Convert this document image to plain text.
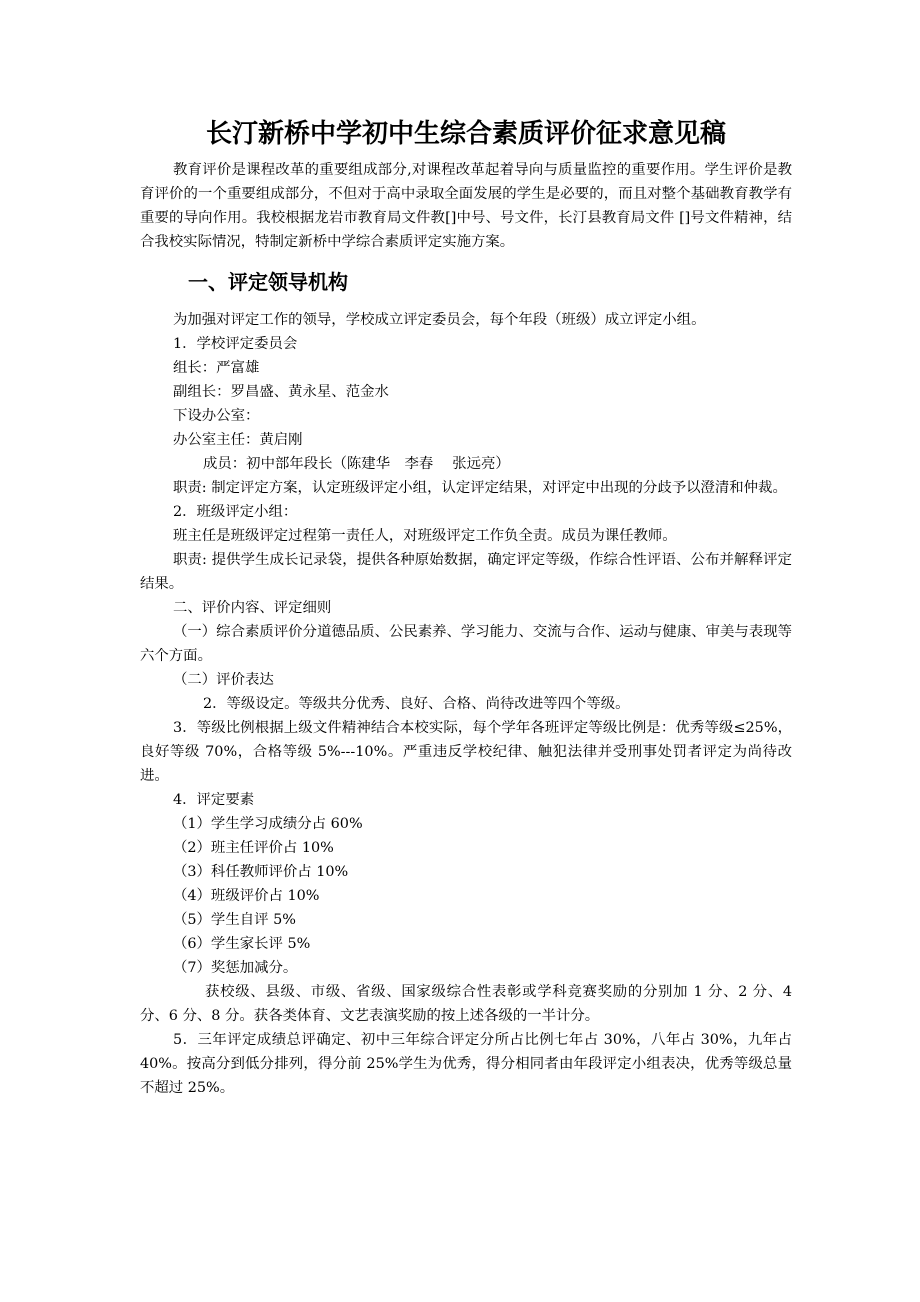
长汀新桥中学初中生综合素质评价征求意见稿

教育评价是课程改革的重要组成部分,对课程改革起着导向与质量监控的重要作用。学生评价是教育评价的一个重要组成部分，不但对于高中录取全面发展的学生是必要的，而且对整个基础教育教学有重要的导向作用。我校根据龙岩市教育局文件教[]中号、号文件，长汀县教育局文件 []号文件精神，结合我校实际情况，特制定新桥中学综合素质评定实施方案。

一、评定领导机构

为加强对评定工作的领导，学校成立评定委员会，每个年段（班级）成立评定小组。

1．学校评定委员会

组长：严富雄

副组长：罗昌盛、黄永星、范金水

下设办公室：

办公室主任：黄启刚

成员：初中部年段长（陈建华　李春　 张远亮）

职责: 制定评定方案，认定班级评定小组，认定评定结果，对评定中出现的分歧予以澄清和仲裁。

2．班级评定小组：

班主任是班级评定过程第一责任人，对班级评定工作负全责。成员为课任教师。

职责: 提供学生成长记录袋，提供各种原始数据，确定评定等级，作综合性评语、公布并解释评定结果。

二、评价内容、评定细则

（一）综合素质评价分道德品质、公民素养、学习能力、交流与合作、运动与健康、审美与表现等六个方面。

（二）评价表达

2．等级设定。等级共分优秀、良好、合格、尚待改进等四个等级。

3．等级比例根据上级文件精神结合本校实际，每个学年各班评定等级比例是：优秀等级≤25%，良好等级 70%，合格等级 5%---10%。严重违反学校纪律、触犯法律并受刑事处罚者评定为尚待改进。

4．评定要素

（1）学生学习成绩分占 60%

（2）班主任评价占 10%

（3）科任教师评价占 10%

（4）班级评价占 10%

（5）学生自评 5%

（6）学生家长评 5%

（7）奖惩加减分。

获校级、县级、市级、省级、国家级综合性表彰或学科竞赛奖励的分别加 1 分、2 分、4 分、6 分、8 分。获各类体育、文艺表演奖励的按上述各级的一半计分。

5．三年评定成绩总评确定、初中三年综合评定分所占比例七年占 30%，八年占 30%，九年占 40%。按高分到低分排列，得分前 25%学生为优秀，得分相同者由年段评定小组表决，优秀等级总量不超过 25%。
